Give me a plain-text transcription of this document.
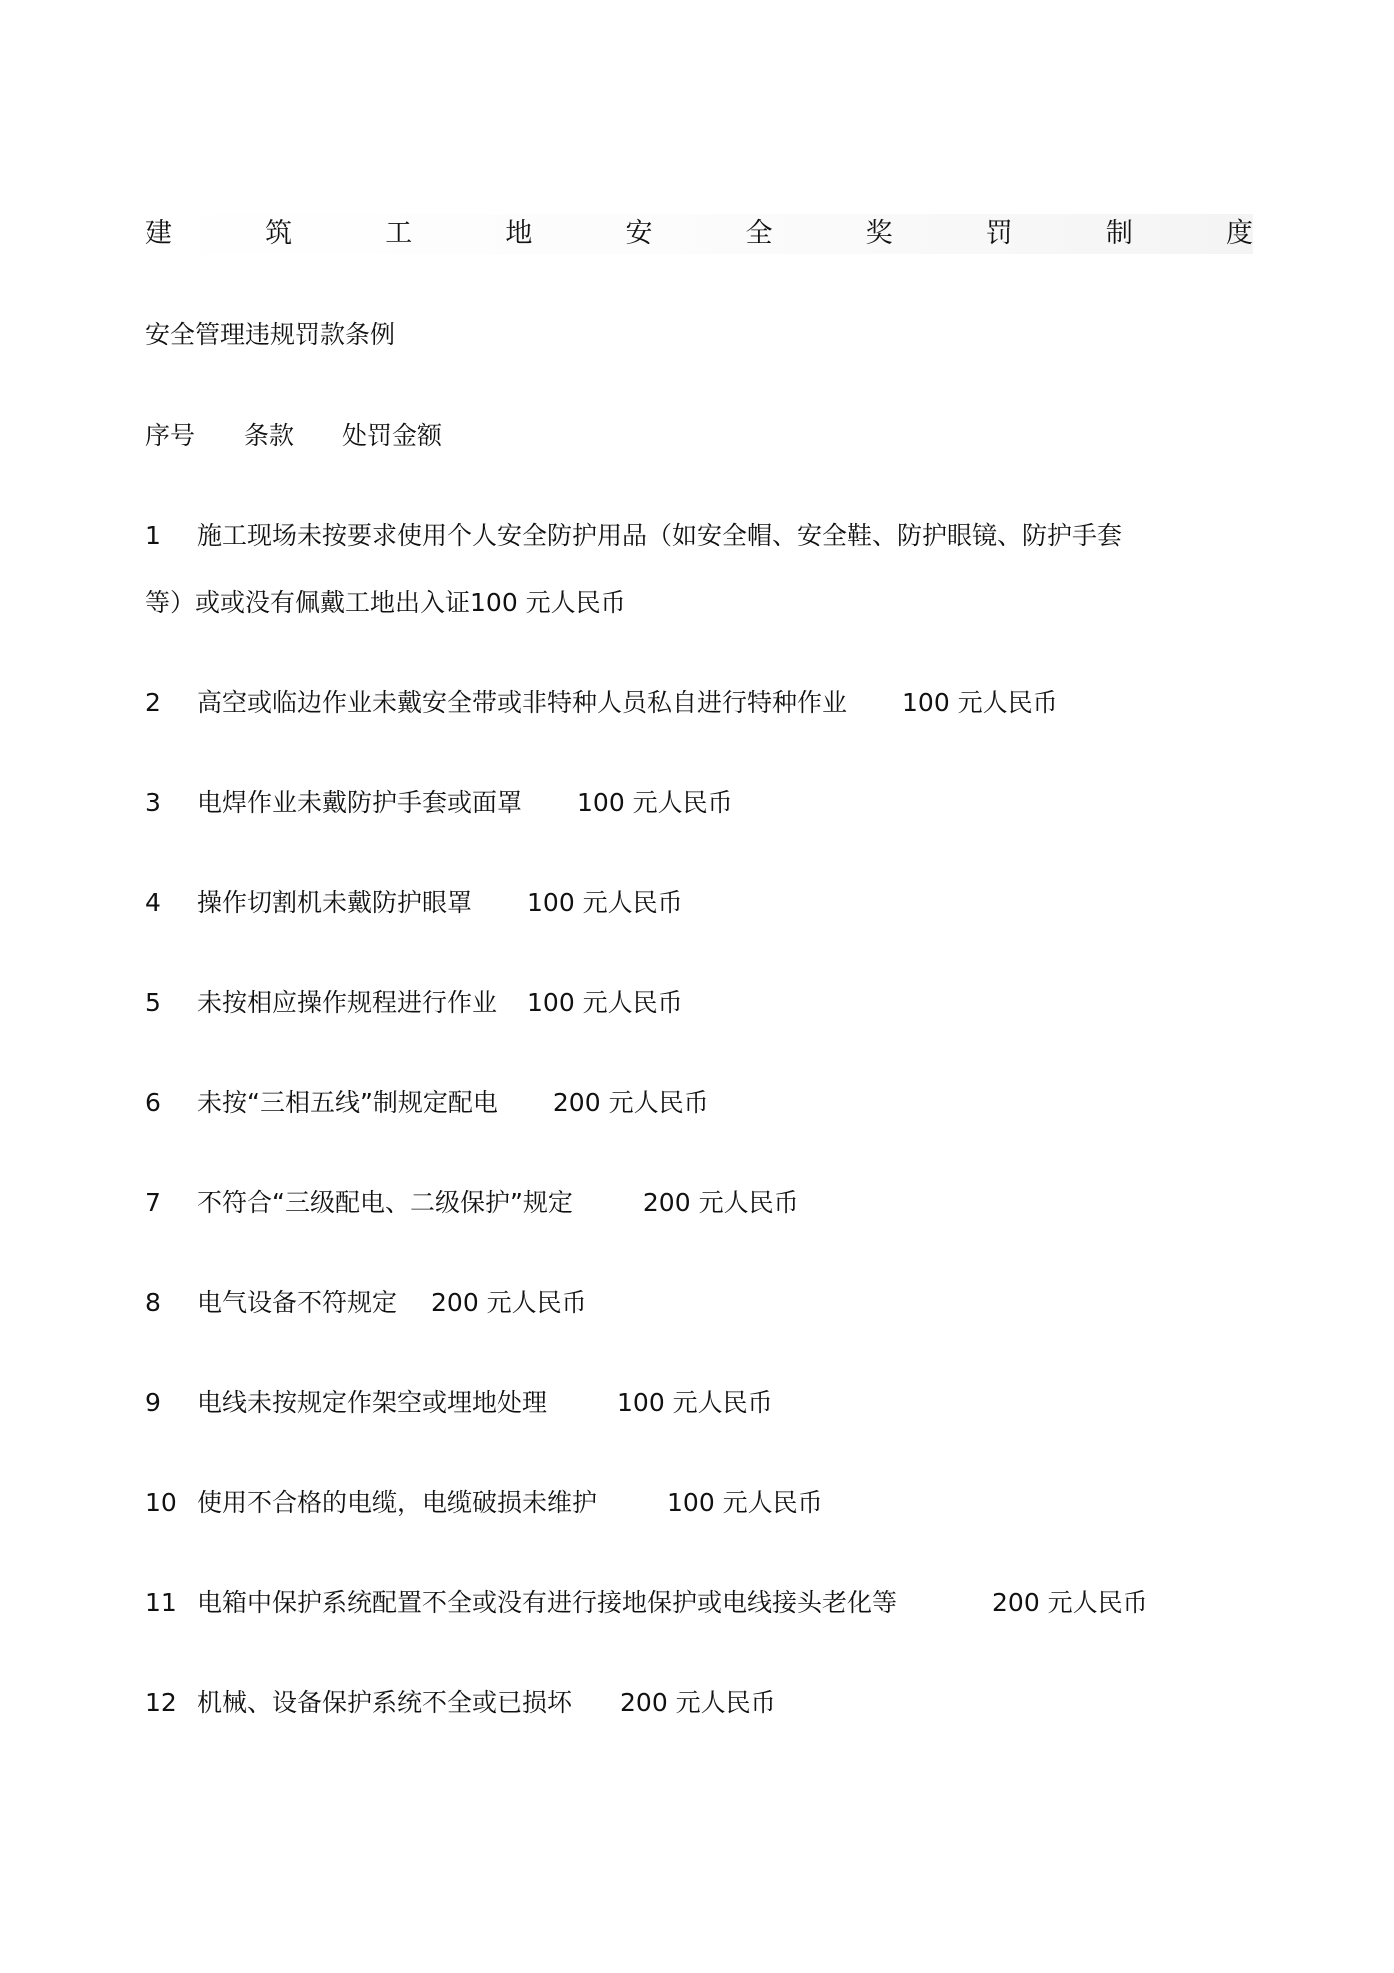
建	筑	工	地	安	全	奖	罚	制	度
安全管理违规罚款条例
序号 条款 处罚金额
1 施工现场未按要求使用个人安全防护用品（如安全帽、安全鞋、防护眼镜、防护手套
等）或或没有佩戴工地出入证100 元人民币
2 高空或临边作业未戴安全带或非特种人员私自进行特种作业 100 元人民币
3 电焊作业未戴防护手套或面罩 100 元人民币
4 操作切割机未戴防护眼罩 100 元人民币
5 未按相应操作规程进行作业 100 元人民币
6 未按“三相五线”制规定配电 200 元人民币
7 不符合“三级配电、二级保护”规定	200 元人民币
8 电气设备不符规定 200 元人民币
9 电线未按规定作架空或埋地处理	100 元人民币
10 使用不合格的电缆，电缆破损未维护	100 元人民币
11 电箱中保护系统配置不全或没有进行接地保护或电线接头老化等	200 元人民币
12 机械、设备保护系统不全或已损坏 200 元人民币
